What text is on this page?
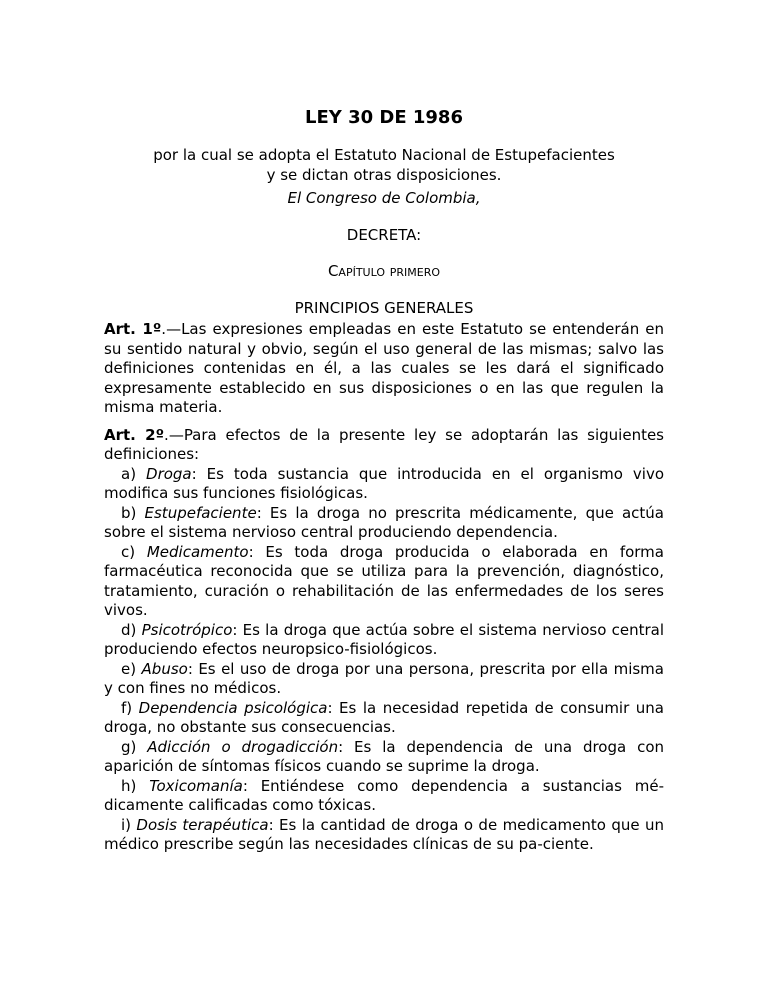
LEY 30 DE 1986
por la cual se adopta el Estatuto Nacional de Estupefacientes
y se dictan otras disposiciones.
El Congreso de Colombia,
DECRETA:
Capítulo primero
PRINCIPIOS GENERALES

Art. 1º.—Las expresiones empleadas en este Estatuto se entenderán en su sentido natural y obvio, según el uso general de las mismas; salvo las definiciones contenidas en él, a las cuales se les dará el significado expresamente establecido en sus disposiciones o en las que regulen la misma materia.

Art. 2º.—Para efectos de la presente ley se adoptarán las siguientes definiciones:

a) Droga: Es toda sustancia que introducida en el organismo vivo modifica sus funciones fisiológicas.

b) Estupefaciente: Es la droga no prescrita médicamente, que actúa sobre el sistema nervioso central produciendo dependencia.

c) Medicamento: Es toda droga producida o elaborada en forma farmacéutica reconocida que se utiliza para la prevención, diagnóstico, tratamiento, curación o rehabilitación de las enfermedades de los seres vivos.

d) Psicotrópico: Es la droga que actúa sobre el sistema nervioso central produciendo efectos neuropsico-fisiológicos.

e) Abuso: Es el uso de droga por una persona, prescrita por ella misma y con fines no médicos.

f) Dependencia psicológica: Es la necesidad repetida de consumir una droga, no obstante sus consecuencias.

g) Adicción o drogadicción: Es la dependencia de una droga con aparición de síntomas físicos cuando se suprime la droga.

h) Toxicomanía: Entiéndese como dependencia a sustancias mé-dicamente calificadas como tóxicas.

i) Dosis terapéutica: Es la cantidad de droga o de medicamento que un médico prescribe según las necesidades clínicas de su pa-ciente.
